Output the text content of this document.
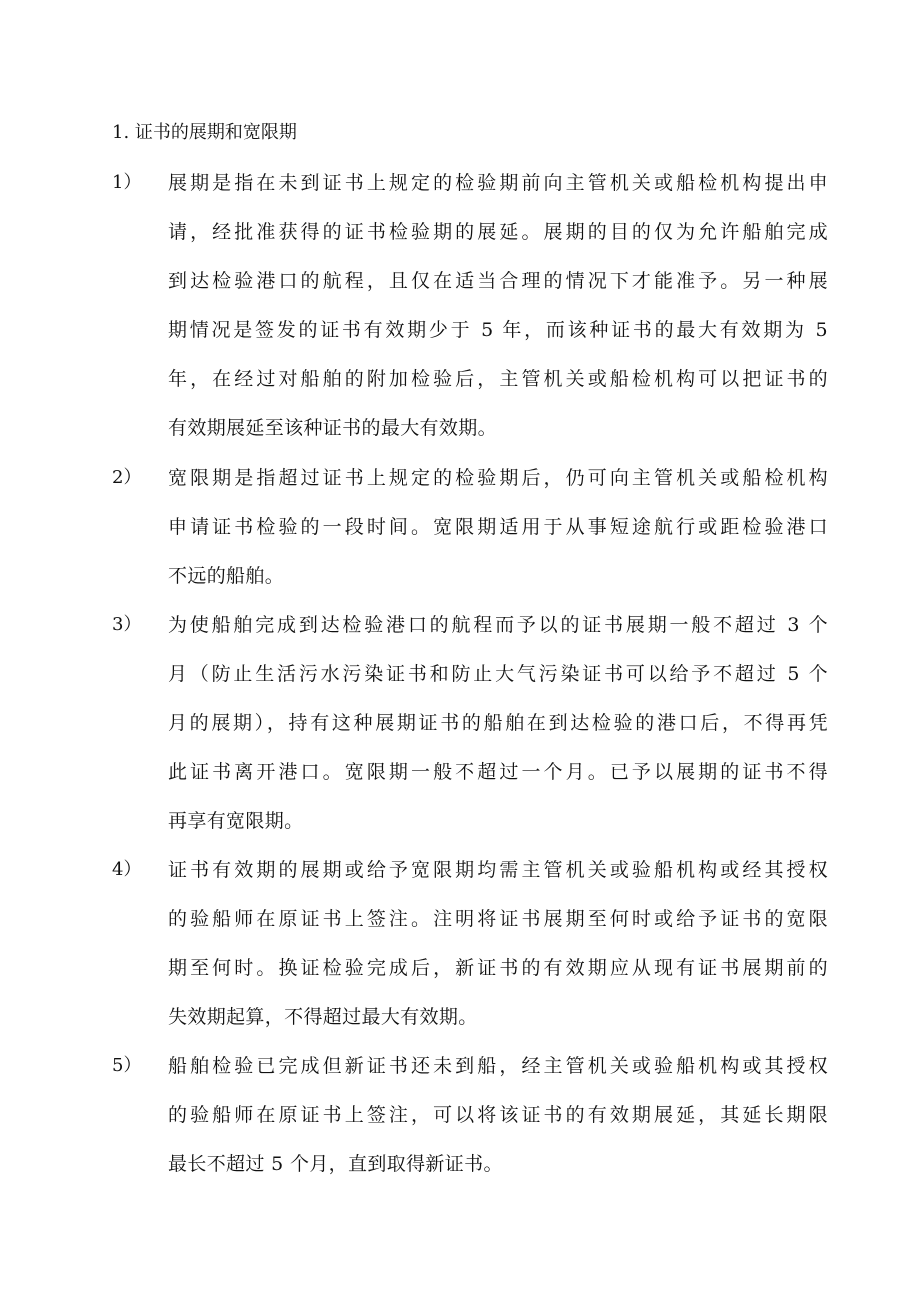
1. 证书的展期和宽限期
1） 展期是指在未到证书上规定的检验期前向主管机关或船检机构提出申
请，经批准获得的证书检验期的展延。展期的目的仅为允许船舶完成
到达检验港口的航程，且仅在适当合理的情况下才能准予。另一种展
期情况是签发的证书有效期少于 5 年，而该种证书的最大有效期为 5
年，在经过对船舶的附加检验后，主管机关或船检机构可以把证书的
有效期展延至该种证书的最大有效期。
2） 宽限期是指超过证书上规定的检验期后，仍可向主管机关或船检机构
申请证书检验的一段时间。宽限期适用于从事短途航行或距检验港口
不远的船舶。
3） 为使船舶完成到达检验港口的航程而予以的证书展期一般不超过 3 个
月（防止生活污水污染证书和防止大气污染证书可以给予不超过 5 个
月的展期），持有这种展期证书的船舶在到达检验的港口后，不得再凭
此证书离开港口。宽限期一般不超过一个月。已予以展期的证书不得
再享有宽限期。
4） 证书有效期的展期或给予宽限期均需主管机关或验船机构或经其授权
的验船师在原证书上签注。注明将证书展期至何时或给予证书的宽限
期至何时。换证检验完成后，新证书的有效期应从现有证书展期前的
失效期起算，不得超过最大有效期。
5） 船舶检验已完成但新证书还未到船，经主管机关或验船机构或其授权
的验船师在原证书上签注，可以将该证书的有效期展延，其延长期限
最长不超过 5 个月，直到取得新证书。
